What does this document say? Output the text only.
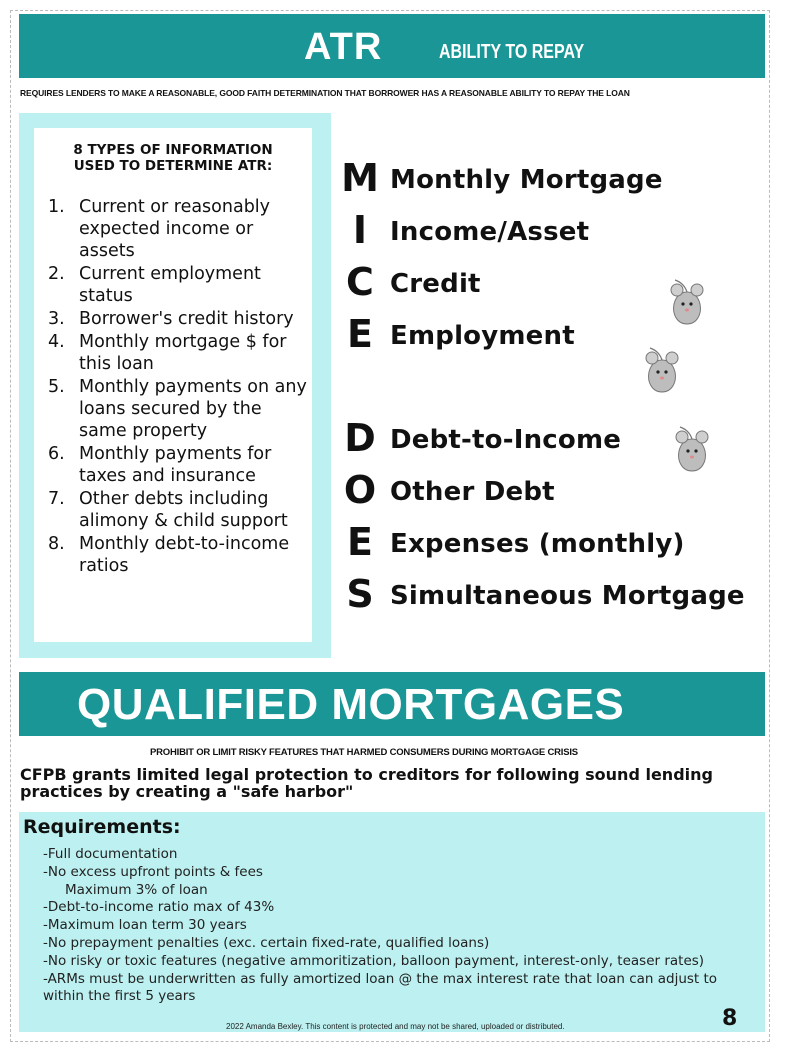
ATR	ABILITY TO REPAY
REQUIRES LENDERS TO MAKE A REASONABLE, GOOD FAITH DETERMINATION THAT BORROWER HAS A REASONABLE ABILITY TO REPAY THE LOAN
8 TYPES OF INFORMATION
USED TO DETERMINE ATR:
1. Current or reasonably expected income or assets
2. Current employment status
3. Borrower's credit history
4. Monthly mortgage $ for this loan
5. Monthly payments on any loans secured by the same property
6. Monthly payments for taxes and insurance
7. Other debts including alimony & child support
8. Monthly debt-to-income ratios
M Monthly Mortgage
I Income/Asset
C Credit
E Employment
D Debt-to-Income
O Other Debt
E Expenses (monthly)
S Simultaneous Mortgage
QUALIFIED MORTGAGES
PROHIBIT OR LIMIT RISKY FEATURES THAT HARMED CONSUMERS DURING MORTGAGE CRISIS
CFPB grants limited legal protection to creditors for following sound lending practices by creating a "safe harbor"
Requirements:
-Full documentation
-No excess upfront points & fees
Maximum 3% of loan
-Debt-to-income ratio max of 43%
-Maximum loan term 30 years
-No prepayment penalties (exc. certain fixed-rate, qualified loans)
-No risky or toxic features (negative ammoritization, balloon payment, interest-only, teaser rates)
-ARMs must be underwritten as fully amortized loan @ the max interest rate that loan can adjust to within the first 5 years
2022 Amanda Bexley. This content is protected and may not be shared, uploaded or distributed.	8
